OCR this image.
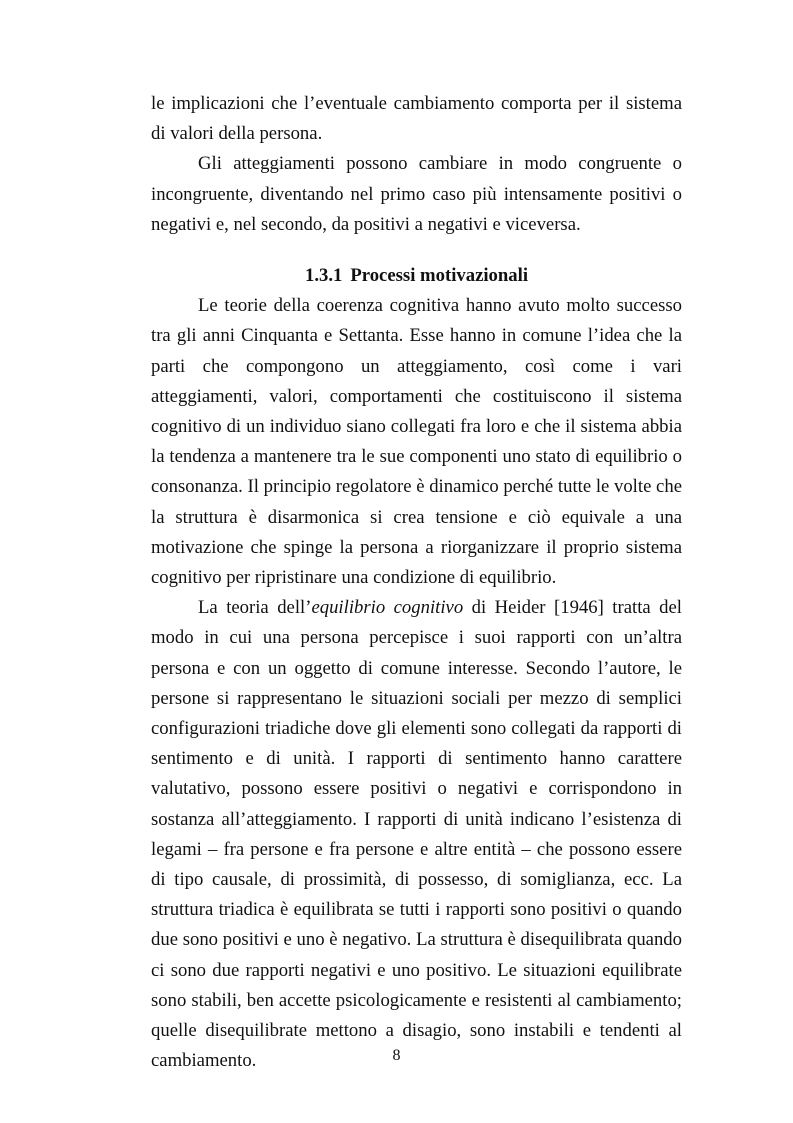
le implicazioni che l’eventuale cambiamento comporta per il sistema di valori della persona.

Gli atteggiamenti possono cambiare in modo congruente o incongruente, diventando nel primo caso più intensamente positivi o negativi e, nel secondo, da positivi a negativi e viceversa.

1.3.1 Processi motivazionali

Le teorie della coerenza cognitiva hanno avuto molto successo tra gli anni Cinquanta e Settanta. Esse hanno in comune l’idea che la parti che compongono un atteggiamento, così come i vari atteggiamenti, valori, comportamenti che costituiscono il sistema cognitivo di un individuo siano collegati fra loro e che il sistema abbia la tendenza a mantenere tra le sue componenti uno stato di equilibrio o consonanza. Il principio regolatore è dinamico perché tutte le volte che la struttura è disarmonica si crea tensione e ciò equivale a una motivazione che spinge la persona a riorganizzare il proprio sistema cognitivo per ripristinare una condizione di equilibrio.

La teoria dell’equilibrio cognitivo di Heider [1946] tratta del modo in cui una persona percepisce i suoi rapporti con un’altra persona e con un oggetto di comune interesse. Secondo l’autore, le persone si rappresentano le situazioni sociali per mezzo di semplici configurazioni triadiche dove gli elementi sono collegati da rapporti di sentimento e di unità. I rapporti di sentimento hanno carattere valutativo, possono essere positivi o negativi e corrispondono in sostanza all’atteggiamento. I rapporti di unità indicano l’esistenza di legami – fra persone e fra persone e altre entità – che possono essere di tipo causale, di prossimità, di possesso, di somiglianza, ecc. La struttura triadica è equilibrata se tutti i rapporti sono positivi o quando due sono positivi e uno è negativo. La struttura è disequilibrata quando ci sono due rapporti negativi e uno positivo. Le situazioni equilibrate sono stabili, ben accette psicologicamente e resistenti al cambiamento; quelle disequilibrate mettono a disagio, sono instabili e tendenti al cambiamento.	8
